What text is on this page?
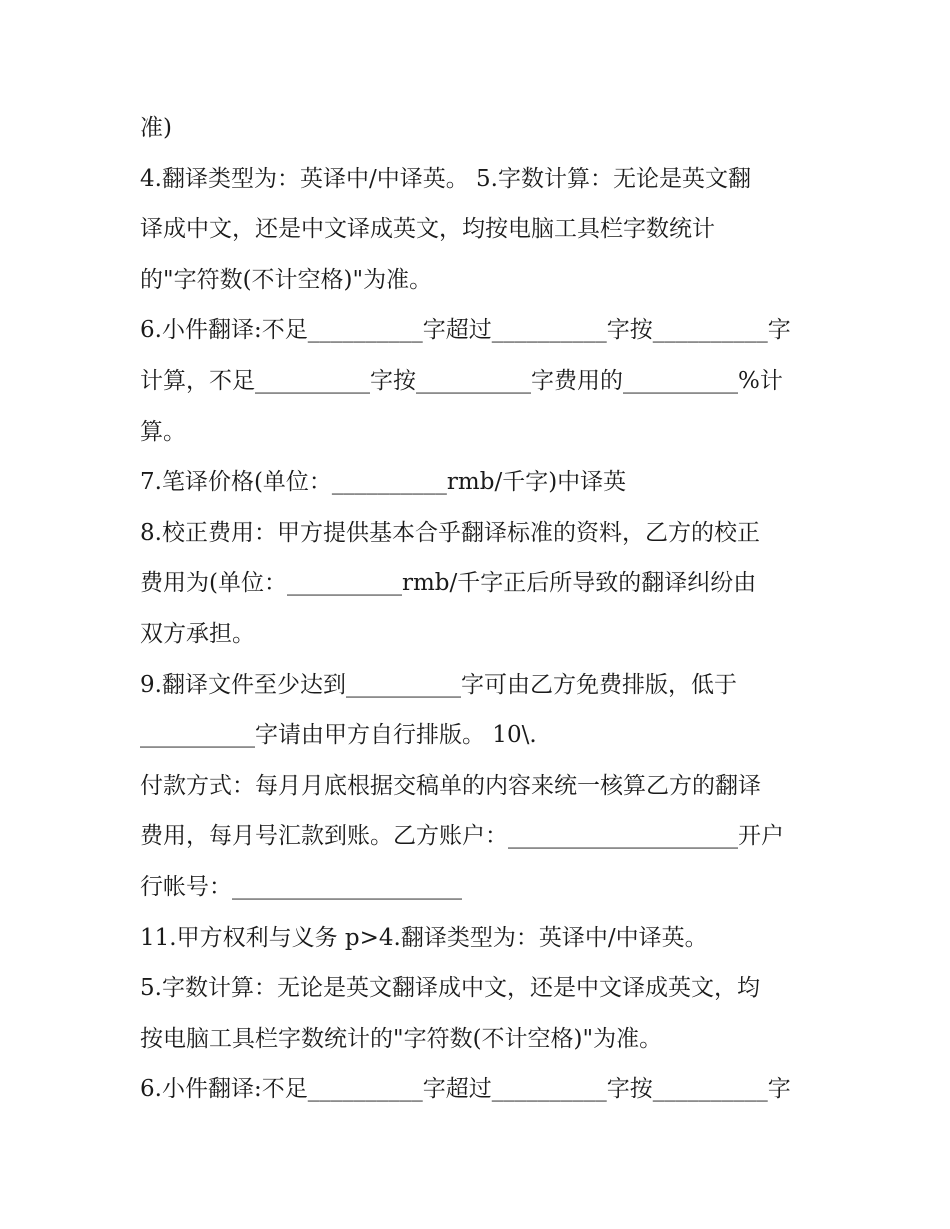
准)
4.翻译类型为：英译中/中译英。 5.字数计算：无论是英文翻
译成中文，还是中文译成英文，均按电脑工具栏字数统计
的"字符数(不计空格)"为准。
6.小件翻译:不足__________字超过__________字按__________字
计算，不足__________字按__________字费用的__________%计
算。
7.笔译价格(单位：__________rmb/千字)中译英
8.校正费用：甲方提供基本合乎翻译标准的资料，乙方的校正
费用为(单位：__________rmb/千字正后所导致的翻译纠纷由
双方承担。
9.翻译文件至少达到__________字可由乙方免费排版，低于
__________字请由甲方自行排版。 10\.
付款方式：每月月底根据交稿单的内容来统一核算乙方的翻译
费用，每月号汇款到账。乙方账户：____________________开户
行帐号：____________________
11.甲方权利与义务 p>4.翻译类型为：英译中/中译英。
5.字数计算：无论是英文翻译成中文，还是中文译成英文，均
按电脑工具栏字数统计的"字符数(不计空格)"为准。
6.小件翻译:不足__________字超过__________字按__________字
